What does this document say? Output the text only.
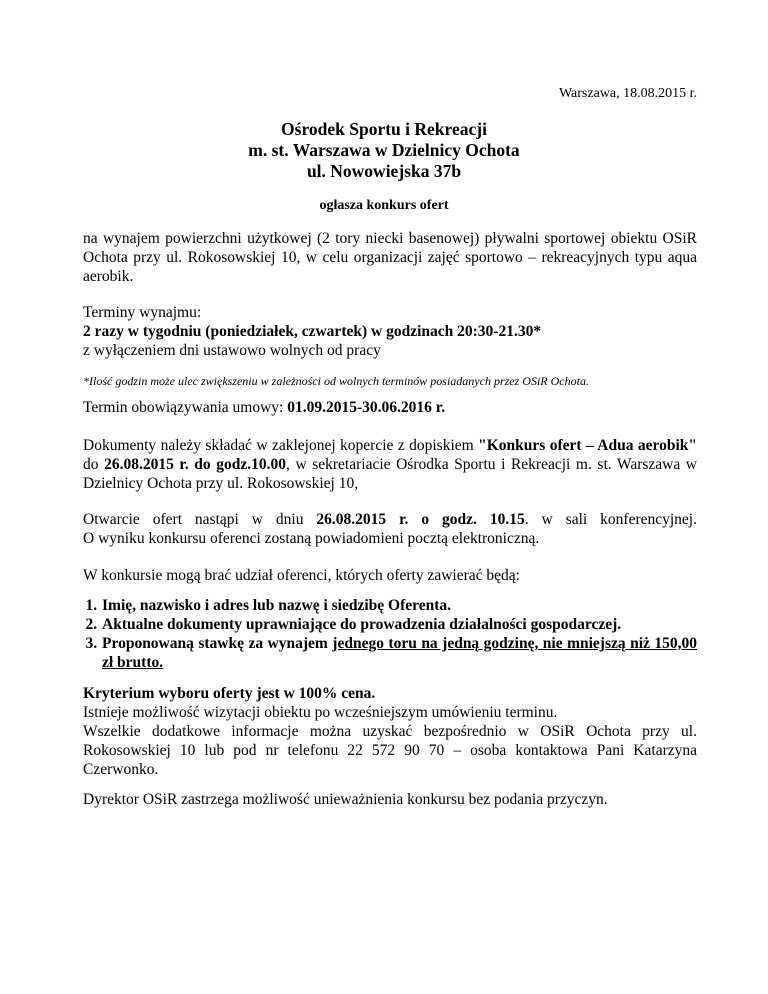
Warszawa, 18.08.2015 r.
Ośrodek Sportu i Rekreacji
m. st. Warszawa w Dzielnicy Ochota
ul. Nowowiejska 37b
ogłasza konkurs ofert
na wynajem powierzchni użytkowej (2 tory niecki basenowej) pływalni sportowej obiektu OSiR Ochota przy ul. Rokosowskiej 10, w celu organizacji zajęć sportowo – rekreacyjnych typu aqua aerobik.
Terminy wynajmu:
2 razy w tygodniu (poniedziałek, czwartek) w godzinach 20:30-21.30*
z wyłączeniem dni ustawowo wolnych od pracy
*Ilość godzin może ulec zwiększeniu w zależności od wolnych terminów posiadanych przez OSiR Ochota.
Termin obowiązywania umowy: 01.09.2015-30.06.2016 r.
Dokumenty należy składać w zaklejonej kopercie z dopiskiem "Konkurs ofert – Adua aerobik" do 26.08.2015 r. do godz.10.00, w sekretariacie Ośrodka Sportu i Rekreacji m. st. Warszawa w Dzielnicy Ochota przy ul. Rokosowskiej 10,
Otwarcie ofert nastąpi w dniu 26.08.2015 r. o godz. 10.15. w sali konferencyjnej.
O wyniku konkursu oferenci zostaną powiadomieni pocztą elektroniczną.
W konkursie mogą brać udział oferenci, których oferty zawierać będą:
1. Imię, nazwisko i adres lub nazwę i siedzibę Oferenta.
2. Aktualne dokumenty uprawniające do prowadzenia działalności gospodarczej.
3. Proponowaną stawkę za wynajem jednego toru na jedną godzinę, nie mniejszą niż 150,00 zł brutto.
Kryterium wyboru oferty jest w 100% cena.
Istnieje możliwość wizytacji obiektu po wcześniejszym umówieniu terminu.
Wszelkie dodatkowe informacje można uzyskać bezpośrednio w OSiR Ochota przy ul. Rokosowskiej 10 lub pod nr telefonu 22 572 90 70 – osoba kontaktowa Pani Katarzyna Czerwonko.
Dyrektor OSiR zastrzega możliwość unieważnienia konkursu bez podania przyczyn.
